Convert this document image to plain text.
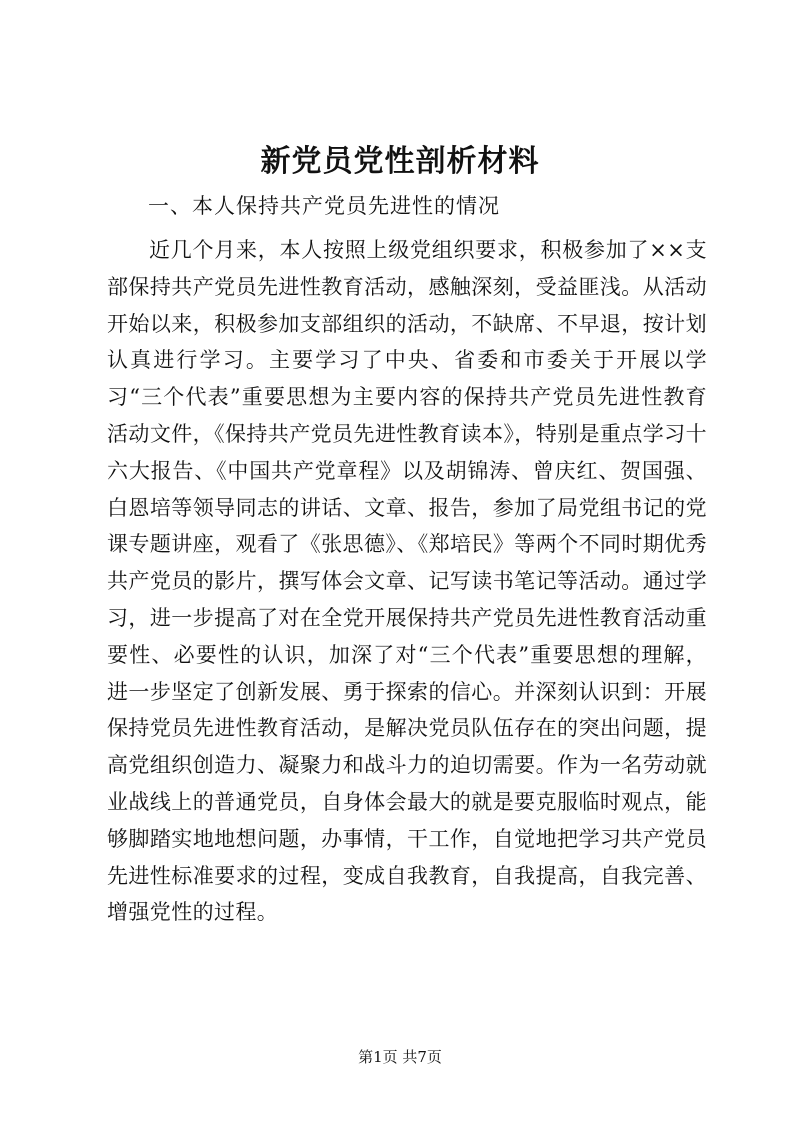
新党员党性剖析材料
一、本人保持共产党员先进性的情况

近几个月来，本人按照上级党组织要求，积极参加了××支部保持共产党员先进性教育活动，感触深刻，受益匪浅。从活动开始以来，积极参加支部组织的活动，不缺席、不早退，按计划认真进行学习。主要学习了中央、省委和市委关于开展以学习“三个代表”重要思想为主要内容的保持共产党员先进性教育活动文件，《保持共产党员先进性教育读本》，特别是重点学习十六大报告、《中国共产党章程》以及胡锦涛、曾庆红、贺国强、白恩培等领导同志的讲话、文章、报告，参加了局党组书记的党课专题讲座，观看了《张思德》、《郑培民》等两个不同时期优秀共产党员的影片，撰写体会文章、记写读书笔记等活动。通过学习，进一步提高了对在全党开展保持共产党员先进性教育活动重要性、必要性的认识，加深了对“三个代表”重要思想的理解，进一步坚定了创新发展、勇于探索的信心。并深刻认识到：开展保持党员先进性教育活动，是解决党员队伍存在的突出问题，提高党组织创造力、凝聚力和战斗力的迫切需要。作为一名劳动就业战线上的普通党员，自身体会最大的就是要克服临时观点，能够脚踏实地地想问题，办事情，干工作，自觉地把学习共产党员先进性标准要求的过程，变成自我教育，自我提高，自我完善、增强党性的过程。

第1页 共7页
